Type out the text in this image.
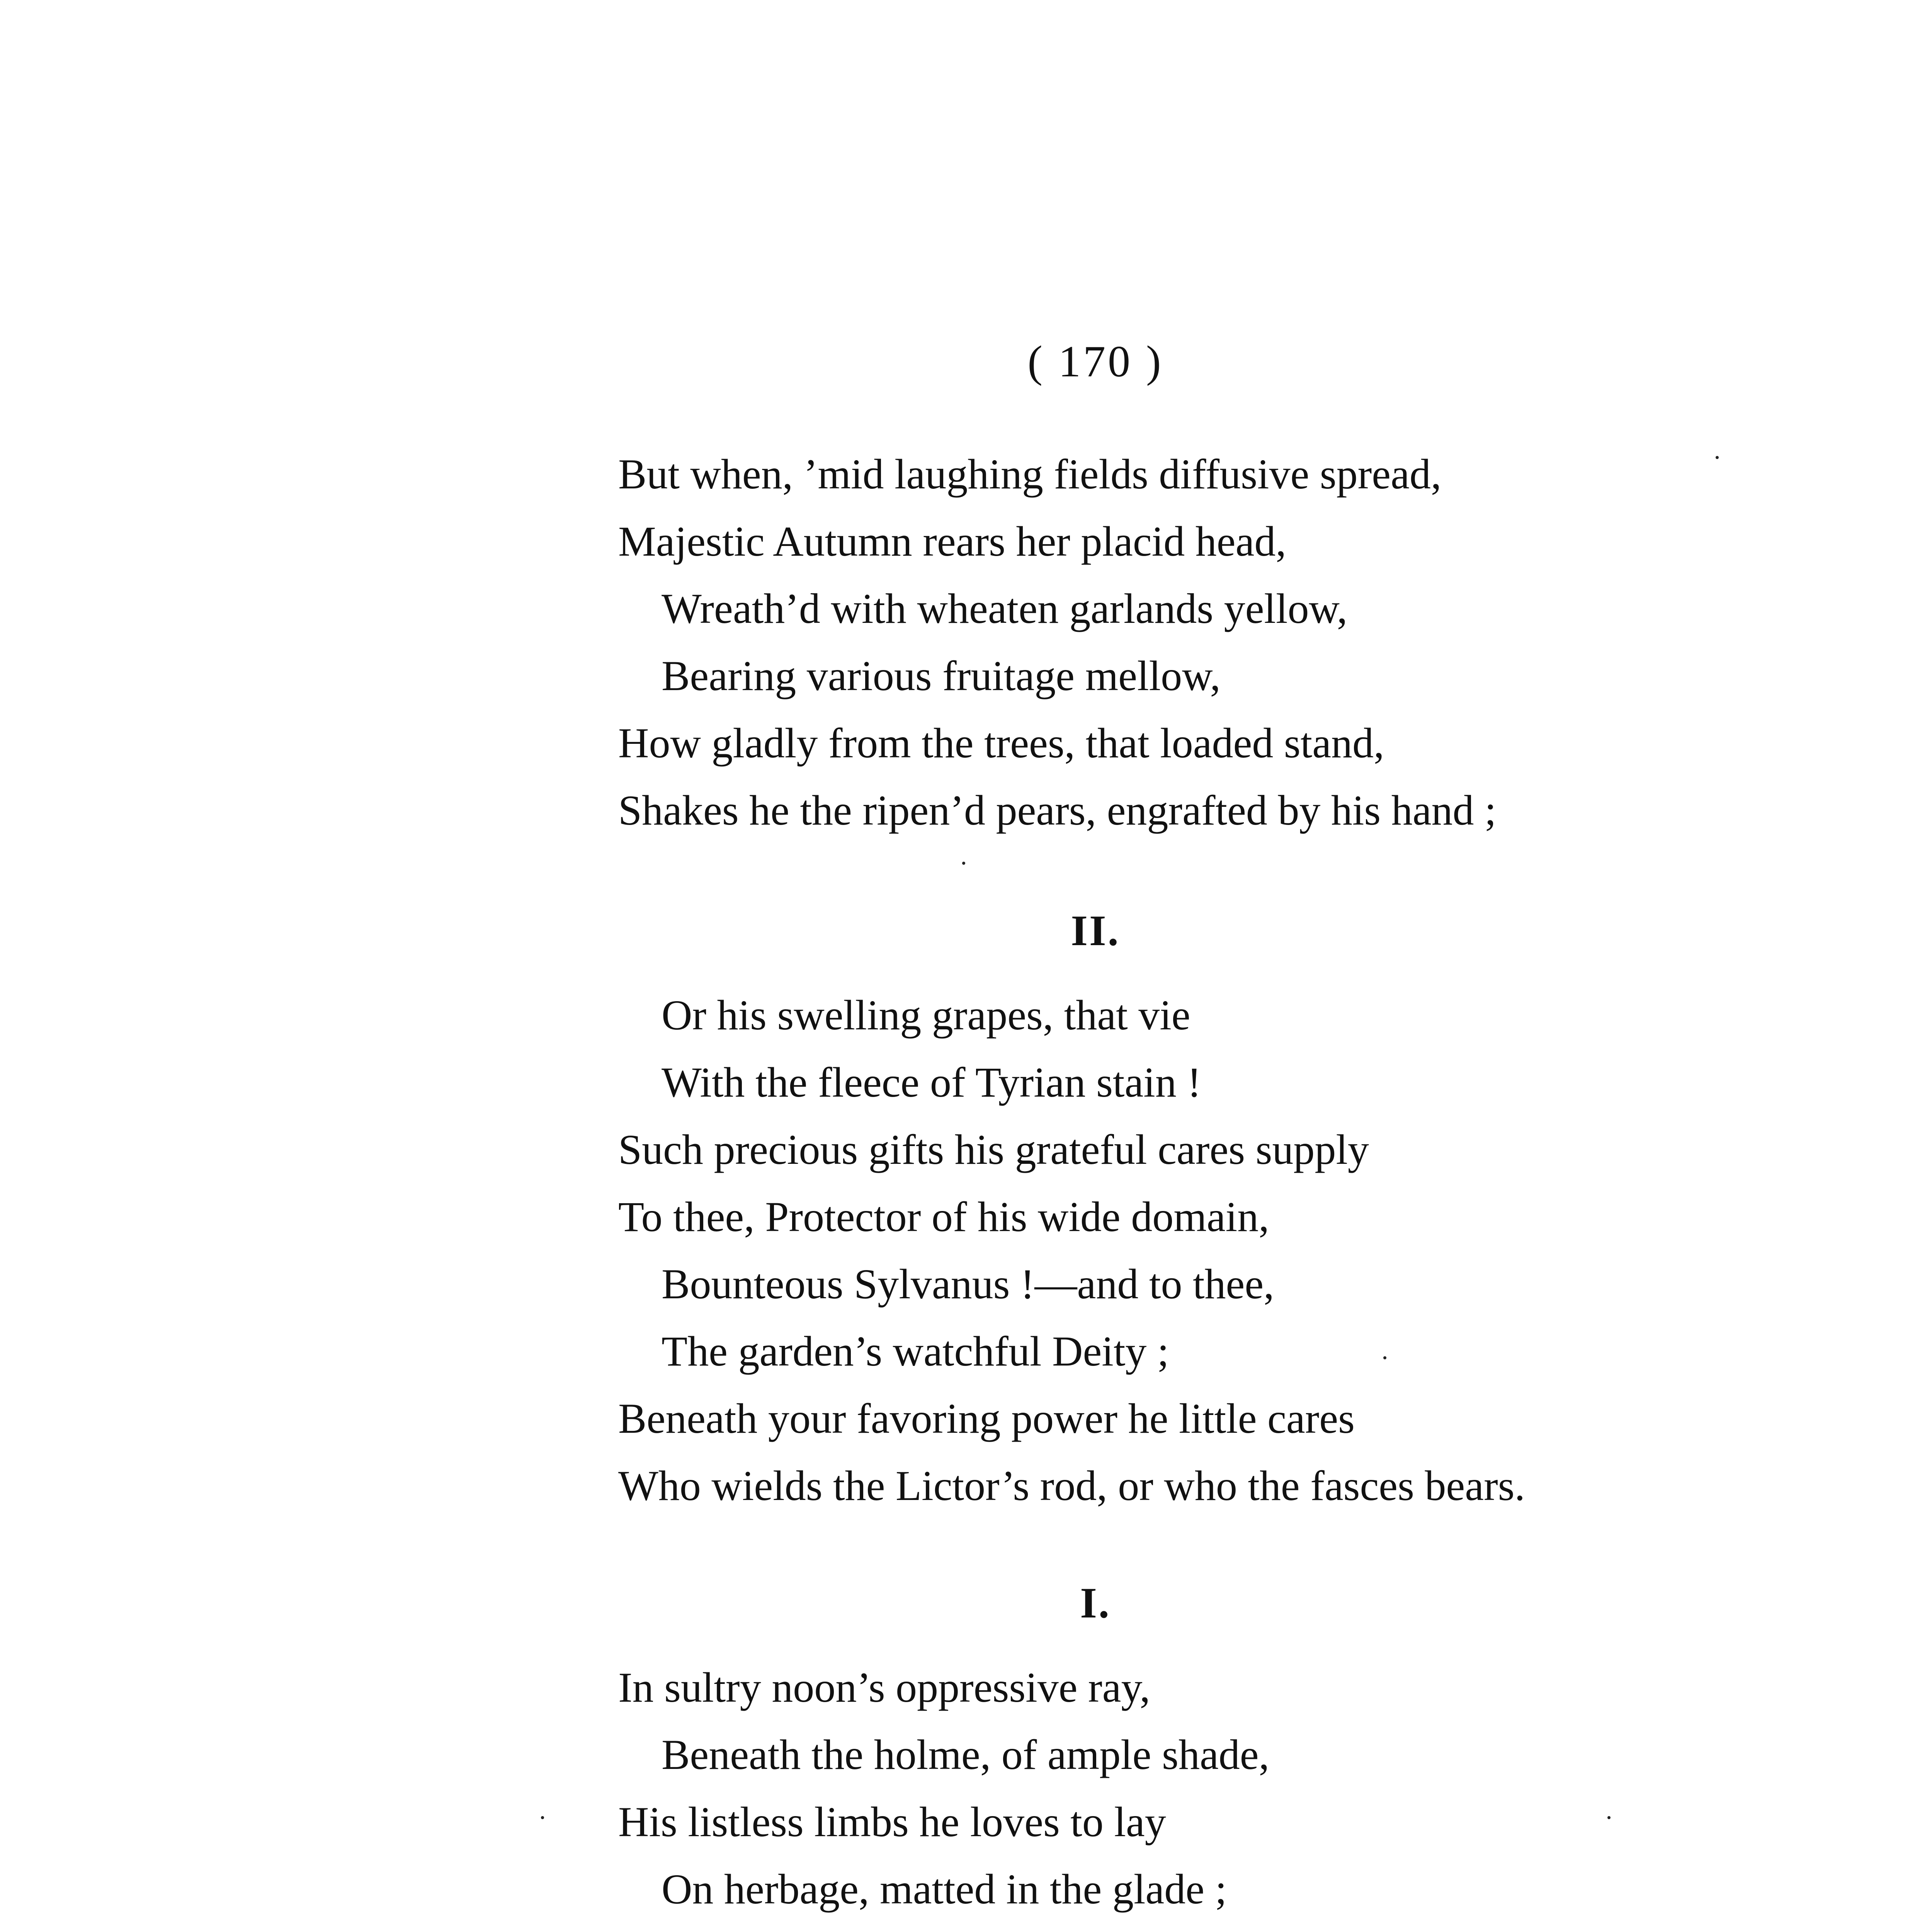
( 170 )
But when, ’mid laughing fields diffusive spread,
Majestic Autumn rears her placid head,
Wreath’d with wheaten garlands yellow,
Bearing various fruitage mellow,
How gladly from the trees, that loaded stand,
Shakes he the ripen’d pears, engrafted by his hand ;
II.
Or his swelling grapes, that vie
With the fleece of Tyrian stain !
Such precious gifts his grateful cares supply
To thee, Protector of his wide domain,
Bounteous Sylvanus !—and to thee,
The garden’s watchful Deity ;
Beneath your favoring power he little cares
Who wields the Lictor’s rod, or who the fasces bears.
I.
In sultry noon’s oppressive ray,
Beneath the holme, of ample shade,
His listless limbs he loves to lay
On herbage, matted in the glade ;
